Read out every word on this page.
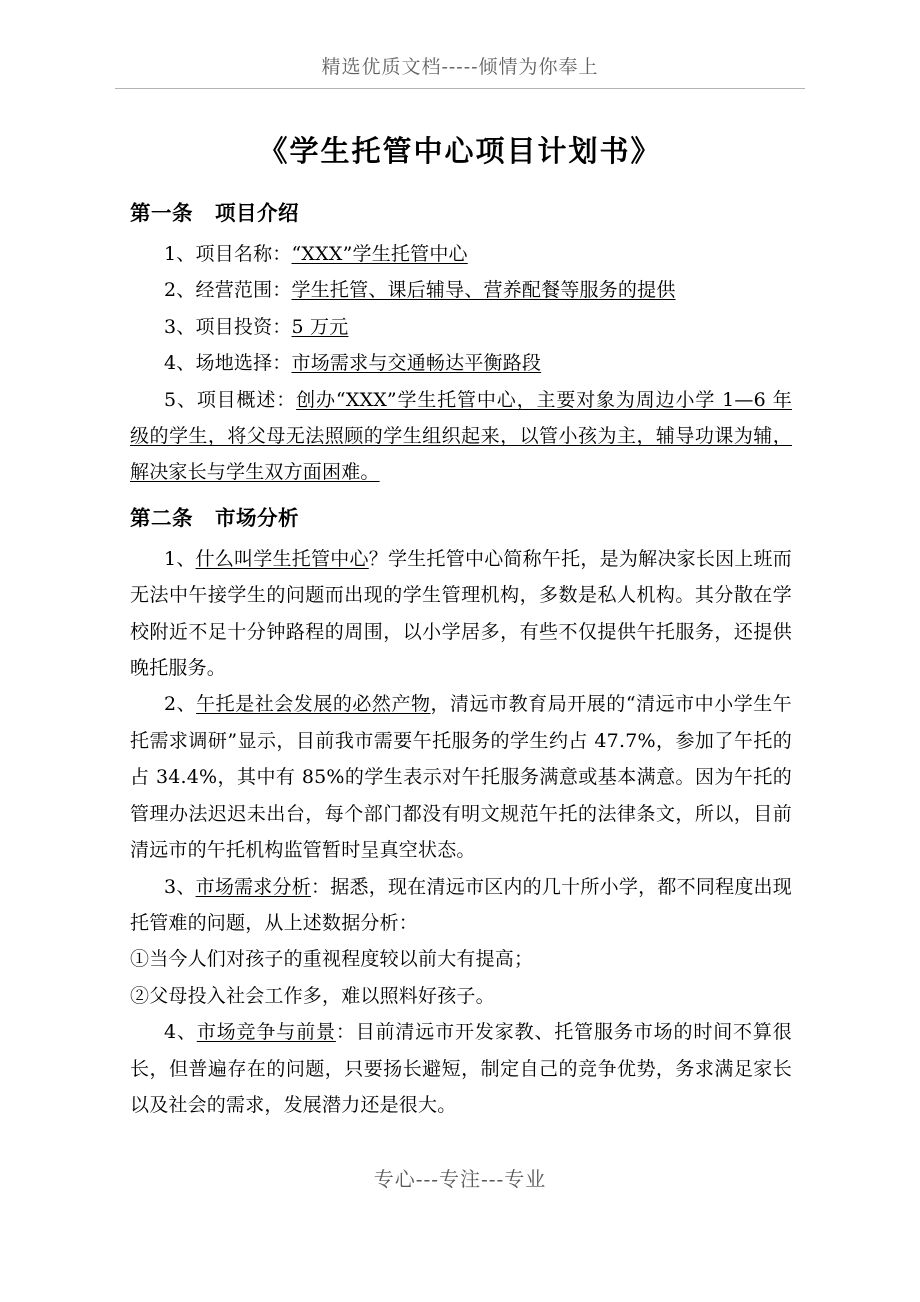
精选优质文档-----倾情为你奉上
《学生托管中心项目计划书》
第一条 项目介绍

1、项目名称：“XXX”学生托管中心

2、经营范围：学生托管、课后辅导、营养配餐等服务的提供

3、项目投资：5 万元

4、场地选择：市场需求与交通畅达平衡路段

5、项目概述：创办“XXX”学生托管中心，主要对象为周边小学 1—6 年级的学生，将父母无法照顾的学生组织起来，以管小孩为主，辅导功课为辅，解决家长与学生双方面困难。

第二条 市场分析

1、什么叫学生托管中心？学生托管中心简称午托，是为解决家长因上班而无法中午接学生的问题而出现的学生管理机构，多数是私人机构。其分散在学校附近不足十分钟路程的周围，以小学居多，有些不仅提供午托服务，还提供晚托服务。

2、午托是社会发展的必然产物，清远市教育局开展的“清远市中小学生午托需求调研”显示，目前我市需要午托服务的学生约占 47.7%，参加了午托的占 34.4%，其中有 85%的学生表示对午托服务满意或基本满意。因为午托的管理办法迟迟未出台，每个部门都没有明文规范午托的法律条文，所以，目前清远市的午托机构监管暂时呈真空状态。

3、市场需求分析：据悉，现在清远市区内的几十所小学，都不同程度出现托管难的问题，从上述数据分析：

①当今人们对孩子的重视程度较以前大有提高；

②父母投入社会工作多，难以照料好孩子。

4、市场竞争与前景：目前清远市开发家教、托管服务市场的时间不算很长，但普遍存在的问题，只要扬长避短，制定自己的竞争优势，务求满足家长以及社会的需求，发展潜力还是很大。

专心---专注---专业
